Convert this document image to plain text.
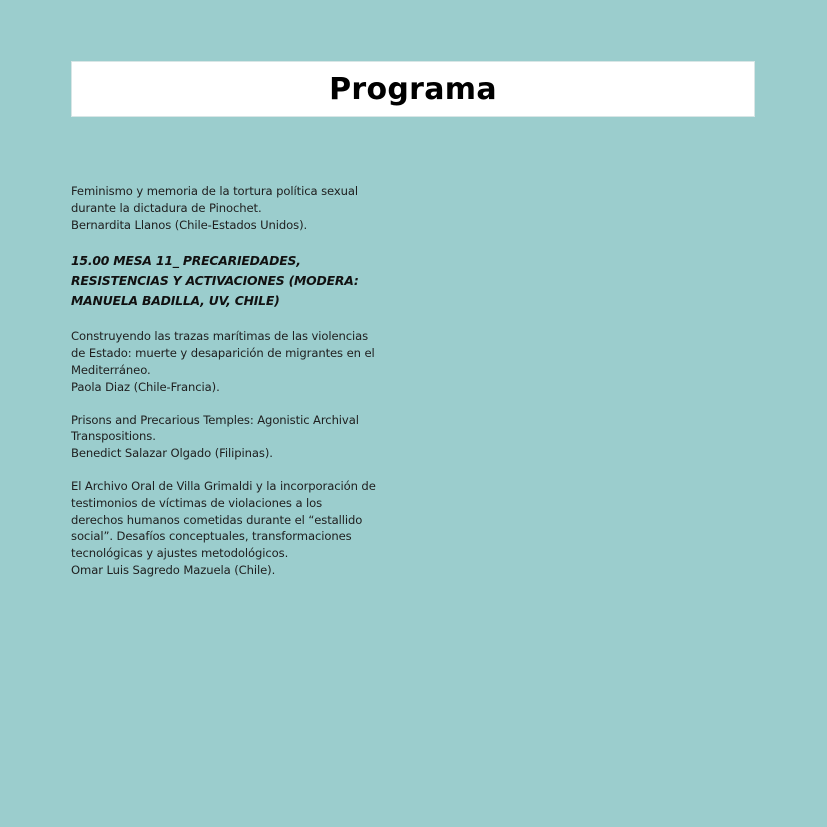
Programa

Feminismo y memoria de la tortura política sexual
durante la dictadura de Pinochet.
Bernardita Llanos (Chile-Estados Unidos).

15.00 MESA 11_ PRECARIEDADES,
RESISTENCIAS Y ACTIVACIONES (MODERA:
MANUELA BADILLA, UV, CHILE)

Construyendo las trazas marítimas de las violencias
de Estado: muerte y desaparición de migrantes en el
Mediterráneo.
Paola Diaz (Chile-Francia).

Prisons and Precarious Temples: Agonistic Archival
Transpositions.
Benedict Salazar Olgado (Filipinas).

El Archivo Oral de Villa Grimaldi y la incorporación de
testimonios de víctimas de violaciones a los
derechos humanos cometidas durante el “estallido
social”. Desafíos conceptuales, transformaciones
tecnológicas y ajustes metodológicos.
Omar Luis Sagredo Mazuela (Chile).
